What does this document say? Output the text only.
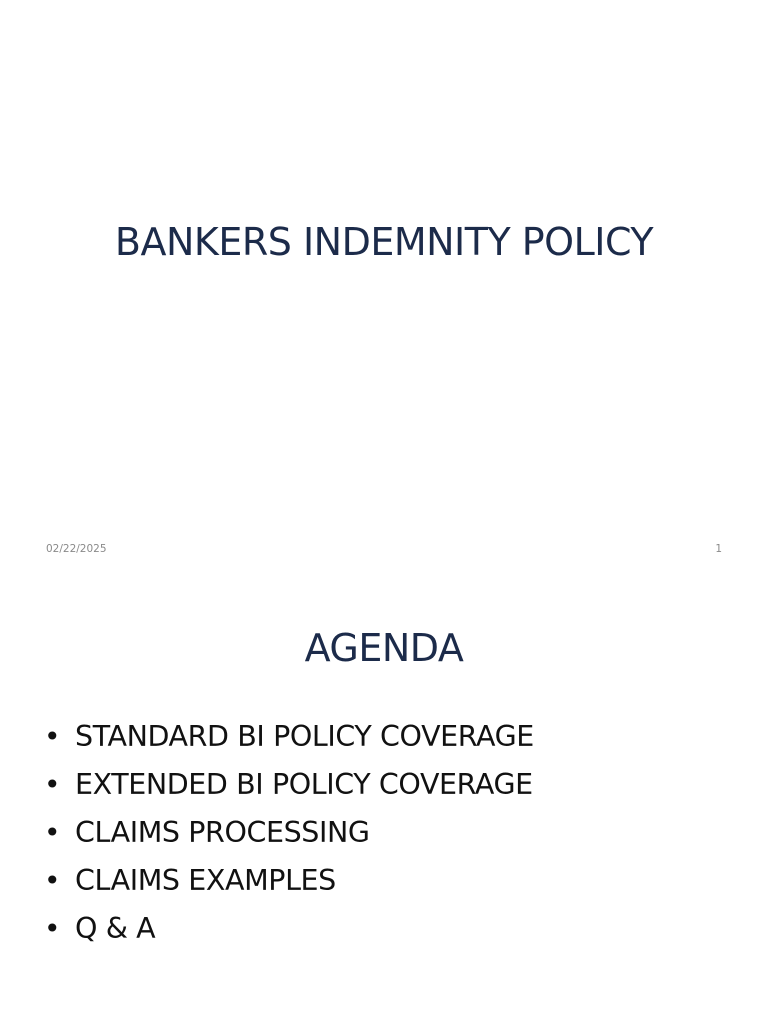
BANKERS INDEMNITY POLICY
02/22/2025	1
AGENDA
• STANDARD BI POLICY COVERAGE
• EXTENDED BI POLICY COVERAGE
• CLAIMS PROCESSING
• CLAIMS EXAMPLES
• Q & A
